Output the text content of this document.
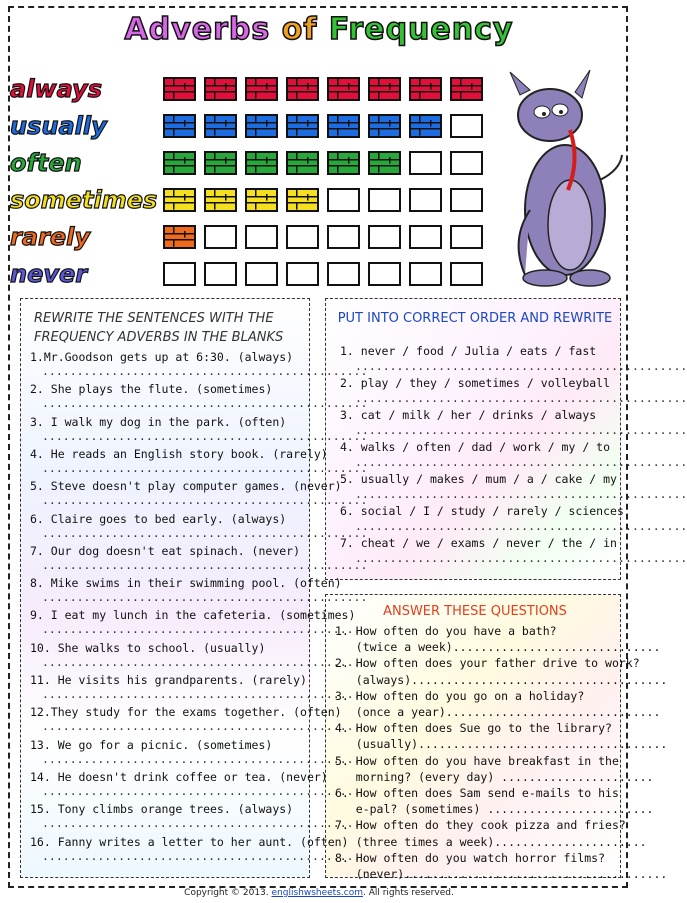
Adverbs of Frequency
always
usually
often
sometimes
rarely
never
REWRITE THE SENTENCES WITH THE FREQUENCY ADVERBS IN THE BLANKS
PUT INTO CORRECT ORDER AND REWRITE
ANSWER THESE QUESTIONS
1.Mr.Goodson gets up at 6:30. (always)
...............................................
2. She plays the flute. (sometimes)
...............................................
3. I walk my dog in the park. (often)
...............................................
4. He reads an English story book. (rarely)
...............................................
5. Steve doesn't play computer games. (never)
...............................................
6. Claire goes to bed early. (always)
...............................................
7. Our dog doesn't eat spinach. (never)
...............................................
8. Mike swims in their swimming pool. (often)
...............................................
9. I eat my lunch in the cafeteria. (sometimes)
...............................................
10. She walks to school. (usually)
...............................................
11. He visits his grandparents. (rarely)
...............................................
12.They study for the exams together. (often)
...............................................
13. We go for a picnic. (sometimes)
...............................................
14. He doesn't drink coffee or tea. (never)
...............................................
15. Tony climbs orange trees. (always)
...............................................
16. Fanny writes a letter to her aunt. (often)
...............................................
1. never / food / Julia / eats / fast
................................................
2. play / they / sometimes / volleyball
................................................
3. cat / milk / her / drinks / always
................................................
4. walks / often / dad / work / my / to
................................................
5. usually / makes / mum / a / cake / my
................................................
6. social / I / study / rarely / sciences
................................................
7. cheat / we / exams / never / the / in
................................................
1. How often do you have a bath?
(twice a week)..............................
2. How often does your father drive to work?
(always).....................................
3. How often do you go on a holiday?
(once a year)...............................
4. How often does Sue go to the library?
(usually)....................................
5. How often do you have breakfast in the
morning? (every day) ......................
6. How often does Sam send e-mails to his
e-pal? (sometimes) ........................
7. How often do they cook pizza and fries?
(three times a week)......................
8. How often do you watch horror films?
(never)......................................
Copyright © 2013. englishwsheets.com. All rights reserved.
